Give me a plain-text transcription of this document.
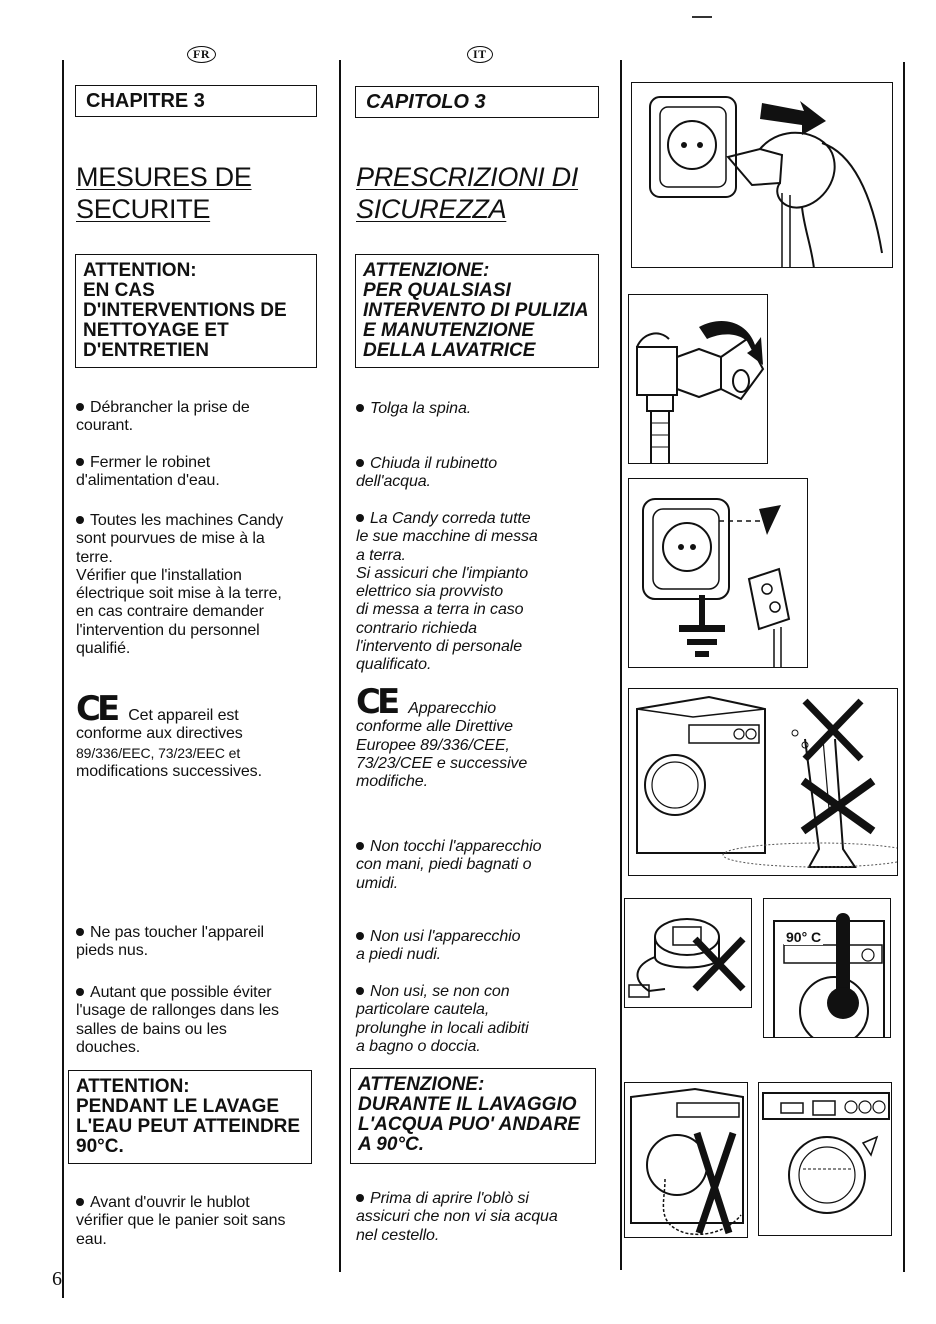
FR
CHAPITRE 3
MESURES DE
SECURITE
ATTENTION:
EN CAS
D'INTERVENTIONS DE
NETTOYAGE ET
D'ENTRETIEN
Débrancher la prise de
courant.
Fermer le robinet
d'alimentation d'eau.
Toutes les machines Candy
sont pourvues de mise à la
terre.
Vérifier que l'installation
électrique soit mise à la terre,
en cas contraire demander
l'intervention du personnel
qualifié.
CE Cet appareil est
conforme aux directives
89/336/EEC, 73/23/EEC et
modifications successives.
Ne pas toucher l'appareil
pieds nus.
Autant que possible éviter
l'usage de rallonges dans les
salles de bains ou les
douches.
ATTENTION:
PENDANT LE LAVAGE
L'EAU PEUT ATTEINDRE
90°C.
Avant d'ouvrir le hublot
vérifier que le panier soit sans
eau.
6
IT
CAPITOLO 3
PRESCRIZIONI DI
SICUREZZA
ATTENZIONE:
PER QUALSIASI
INTERVENTO DI PULIZIA
E MANUTENZIONE
DELLA LAVATRICE
Tolga la spina.
Chiuda il rubinetto
dell'acqua.
La Candy correda tutte
le sue macchine di messa
a terra.
Si assicuri che l'impianto
elettrico sia provvisto
di messa a terra in caso
contrario richieda
l'intervento di personale
qualificato.
CE Apparecchio
conforme alle Direttive
Europee 89/336/CEE,
73/23/CEE e successive
modifiche.
Non tocchi l'apparecchio
con mani, piedi bagnati o
umidi.
Non usi l'apparecchio
a piedi nudi.
Non usi, se non con
particolare cautela,
prolunghe in locali adibiti
a bagno o doccia.
ATTENZIONE:
DURANTE IL LAVAGGIO
L'ACQUA PUO' ANDARE
A 90°C.
Prima di aprire l'oblò si
assicuri che non vi sia acqua
nel cestello.
90° C
